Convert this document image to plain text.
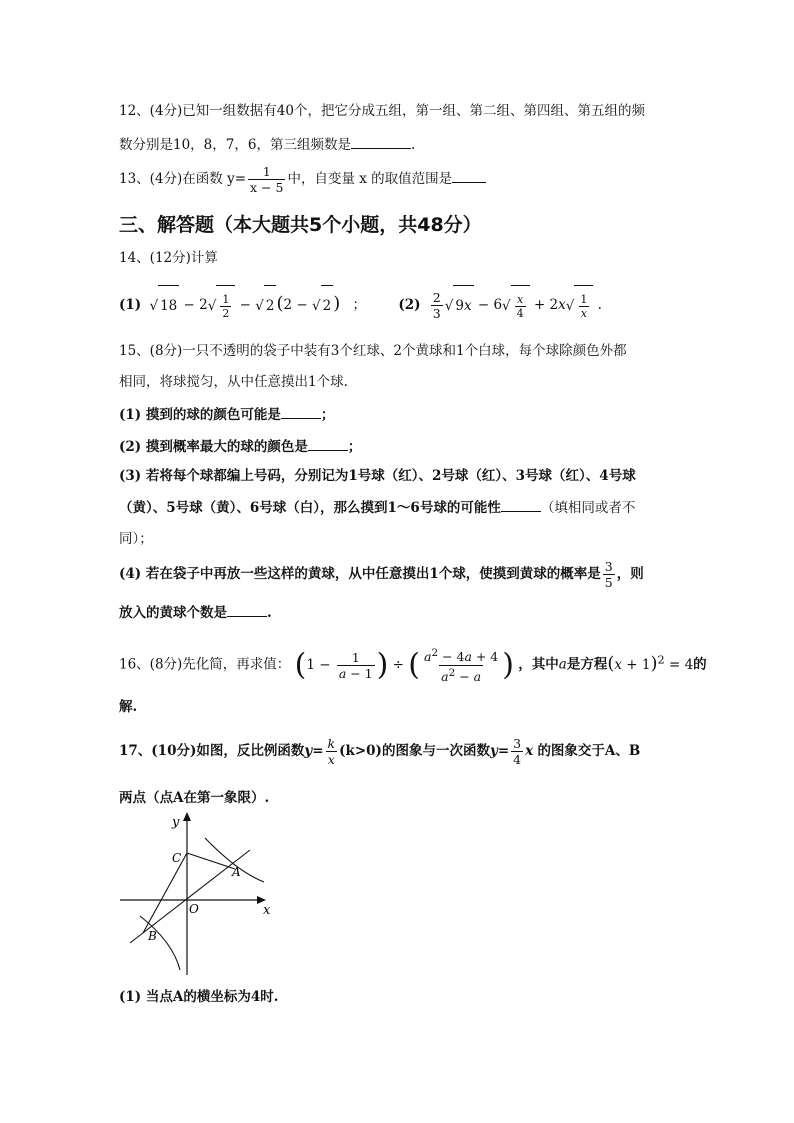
12、(4分)已知一组数据有40个，把它分成五组，第一组、第二组、第四组、第五组的频
数分别是10，8，7，6，第三组频数是	.
13、(4分)在函数 $y= \frac{1}{x - 5}$ 中，自变量 x 的取值范围是
三、解答题（本大题共5个小题，共48分）
14、(12分)计算
(1) √ $18 - 2√ \frac{1}{2}$ − √ 2 (2 − √ 2 ) ； $(2) \frac{2}{3}$ √ $9x - 6√ \frac{x}{4} + 2x√ \frac{1}{x}$ .
15、(8分)一只不透明的袋子中装有3个红球、2个黄球和1个白球，每个球除颜色外都
相同，将球搅匀，从中任意摸出1个球.
(1) 摸到的球的颜色可能是	；
(2) 摸到概率最大的球的颜色是	；
(3) 若将每个球都编上号码，分别记为1号球（红）、2号球（红）、3号球（红）、4号球
（黄）、5号球（黄）、6号球（白），那么摸到1～6号球的可能性	（填相同或者不
同）；
(4) 若在袋子中再放一些这样的黄球，从中任意摸出1个球，使摸到黄球的概率是 $\frac{3}{5}$ ，则
放入的黄球个数是	.
16、(8分)先化简，再求值： ($1 - \frac{1}{a - 1}$ ) ÷ ( $\frac{a^2 - 4a + 4}{a^2 - a}$ ) ，其中a是方程$(x + 1)^2 = 4$的
解.
17、(10分)如图，反比例函数$y= \frac{k}{x} (k>0)$的图象与一次函数$y= \frac{3}{4}$ x 的图象交于A、B
两点（点A在第一象限）.
y
x
O
A
B
C
(1) 当点A的横坐标为4时.
